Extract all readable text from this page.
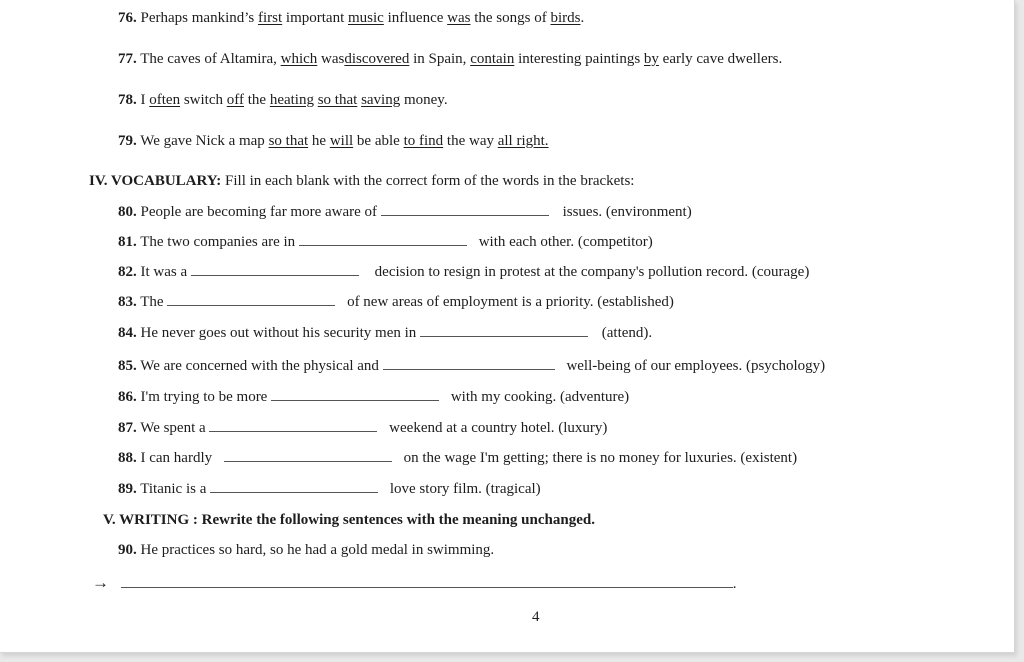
76. Perhaps mankind’s first important music influence was the songs of birds.
77. The caves of Altamira, which wasdiscovered in Spain, contain interesting paintings by early cave dwellers.
78. I often switch off the heating so that saving money.
79. We gave Nick a map so that he will be able to find the way all right.
IV. VOCABULARY: Fill in each blank with the correct form of the words in the brackets:
80. People are becoming far more aware of	issues. (environment)
81. The two companies are in	with each other. (competitor)
82. It was a	decision to resign in protest at the company's pollution record. (courage)
83. The	of new areas of employment is a priority. (established)
84. He never goes out without his security men in	(attend).
85. We are concerned with the physical and	well-being of our employees. (psychology)
86. I'm trying to be more	with my cooking. (adventure)
87. We spent a	weekend at a country hotel. (luxury)
88. I can hardly	on the wage I'm getting; there is no money for luxuries. (existent)
89. Titanic is a	love story film. (tragical)
V. WRITING : Rewrite the following sentences with the meaning unchanged.
90. He practices so hard, so he had a gold medal in swimming.
→	.
4
